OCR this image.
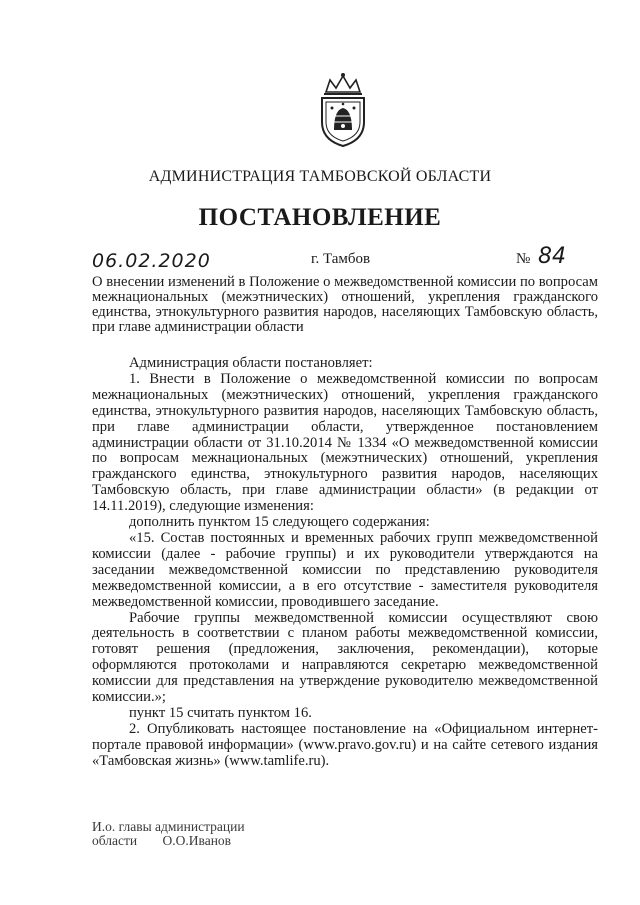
АДМИНИСТРАЦИЯ ТАМБОВСКОЙ ОБЛАСТИ
ПОСТАНОВЛЕНИЕ
06.02.2020	г. Тамбов	№ 84
О внесении изменений в Положение о межведомственной комиссии по вопросам межнациональных (межэтнических) отношений, укрепления гражданского единства, этнокультурного развития народов, населяющих Тамбовскую область, при главе администрации области

Администрация области постановляет:

1. Внести в Положение о межведомственной комиссии по вопросам межнациональных (межэтнических) отношений, укрепления гражданского единства, этнокультурного развития народов, населяющих Тамбовскую область, при главе администрации области, утвержденное постановлением администрации области от 31.10.2014 № 1334 «О межведомственной комиссии по вопросам межнациональных (межэтнических) отношений, укрепления гражданского единства, этнокультурного развития народов, населяющих Тамбовскую область, при главе администрации области» (в редакции от 14.11.2019), следующие изменения:

дополнить пунктом 15 следующего содержания:

«15. Состав постоянных и временных рабочих групп межведомственной комиссии (далее - рабочие группы) и их руководители утверждаются на заседании межведомственной комиссии по представлению руководителя межведомственной комиссии, а в его отсутствие - заместителя руководителя межведомственной комиссии, проводившего заседание.

Рабочие группы межведомственной комиссии осуществляют свою деятельность в соответствии с планом работы межведомственной комиссии, готовят решения (предложения, заключения, рекомендации), которые оформляются протоколами и направляются секретарю межведомственной комиссии для представления на утверждение руководителю межведомственной комиссии.»;

пункт 15 считать пунктом 16.

2. Опубликовать настоящее постановление на «Официальном интернет-портале правовой информации» (www.pravo.gov.ru) и на сайте сетевого издания «Тамбовская жизнь» (www.tamlife.ru).

И.о. главы администрации
области О.О.Иванов
